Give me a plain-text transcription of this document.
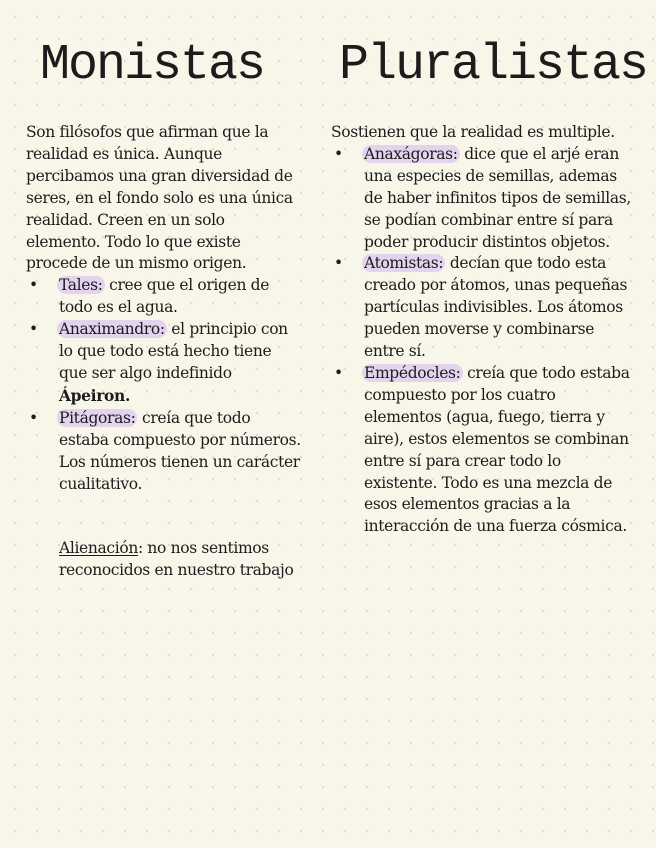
Monistas

Son filósofos que afirman que la realidad es única. Aunque percibamos una gran diversidad de seres, en el fondo solo es una única realidad. Creen en un solo elemento. Todo lo que existe procede de un mismo origen.

• Tales: cree que el origen de todo es el agua.
• Anaximandro: el principio con lo que todo está hecho tiene que ser algo indefinido Ápeiron.
• Pitágoras: creía que todo estaba compuesto por números. Los números tienen un carácter cualitativo.

Alienación: no nos sentimos reconocidos en nuestro trabajo

Pluralistas

Sostienen que la realidad es multiple.

• Anaxágoras: dice que el arjé eran una especies de semillas, ademas de haber infinitos tipos de semillas, se podían combinar entre sí para poder producir distintos objetos.
• Atomistas: decían que todo esta creado por átomos, unas pequeñas partículas indivisibles. Los átomos pueden moverse y combinarse entre sí.
• Empédocles: creía que todo estaba compuesto por los cuatro elementos (agua, fuego, tierra y aire), estos elementos se combinan entre sí para crear todo lo existente. Todo es una mezcla de esos elementos gracias a la interacción de una fuerza cósmica.
